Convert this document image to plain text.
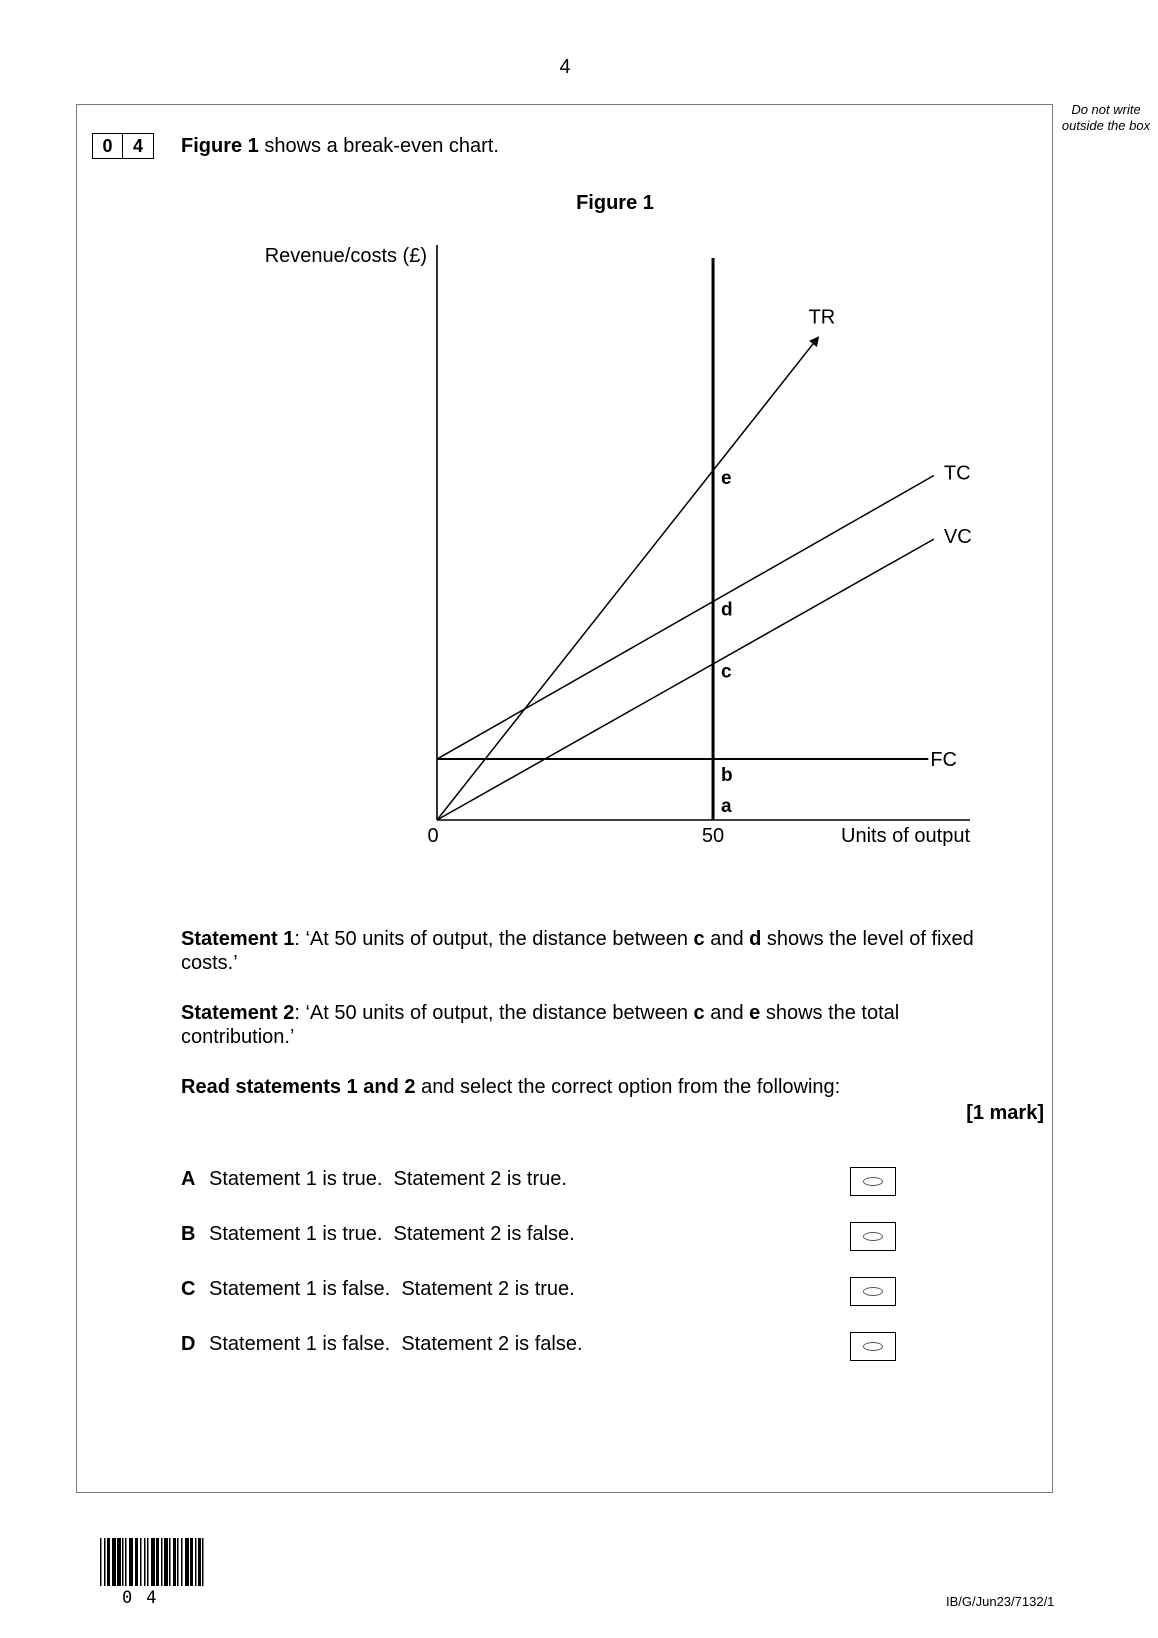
4
Do not write outside the box
0	4	Figure 1 shows a break-even chart.
Figure 1
Revenue/costs (£)
0	50	Units of output
TR
TC
VC
FC
a
b
c
d
e
Statement 1: ‘At 50 units of output, the distance between c and d shows the level of fixed costs.’
Statement 2: ‘At 50 units of output, the distance between c and e shows the total contribution.’
Read statements 1 and 2 and select the correct option from the following:
[1 mark]
A Statement 1 is true.  Statement 2 is true.
B Statement 1 is true.  Statement 2 is false.
C Statement 1 is false.  Statement 2 is true.
D Statement 1 is false.  Statement 2 is false.
04	IB/G/Jun23/7132/1
